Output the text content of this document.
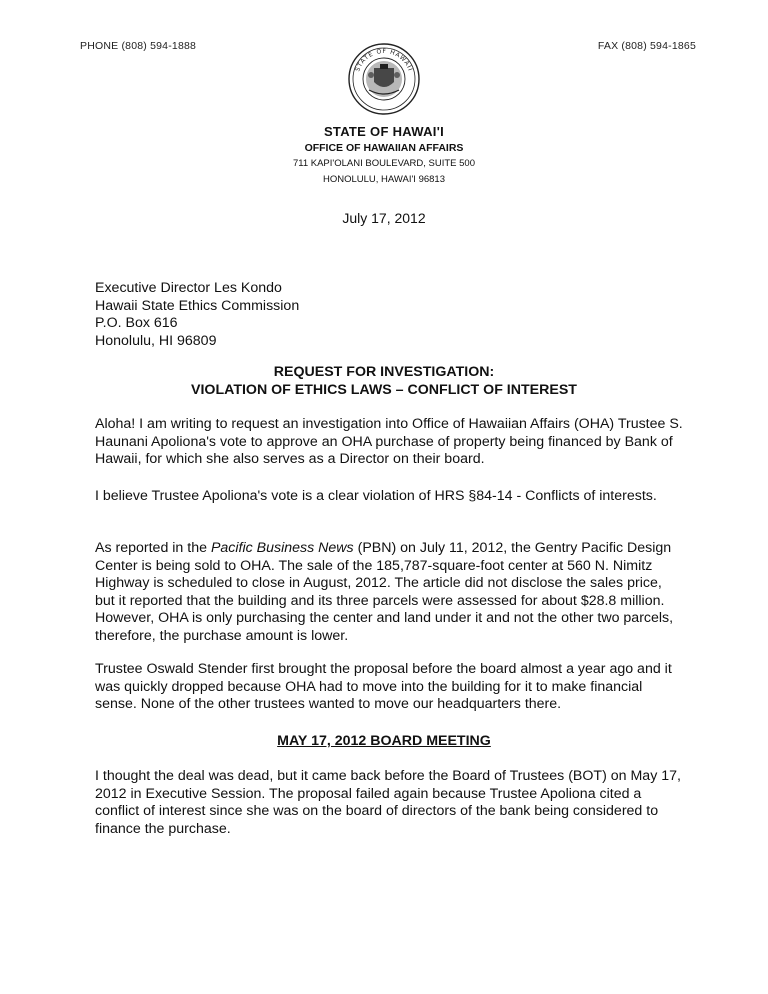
PHONE (808) 594-1888	FAX (808) 594-1865
STATE OF HAWAII
STATE OF HAWAI'I
OFFICE OF HAWAIIAN AFFAIRS
711 KAPI'OLANI BOULEVARD, SUITE 500
HONOLULU, HAWAI'I 96813
July 17, 2012
Executive Director Les Kondo
Hawaii State Ethics Commission
P.O. Box 616
Honolulu, HI 96809
REQUEST FOR INVESTIGATION:
VIOLATION OF ETHICS LAWS – CONFLICT OF INTEREST
Aloha! I am writing to request an investigation into Office of Hawaiian Affairs (OHA) Trustee S. Haunani Apoliona's vote to approve an OHA purchase of property being financed by Bank of Hawaii, for which she also serves as a Director on their board.
I believe Trustee Apoliona's vote is a clear violation of HRS §84-14 - Conflicts of interests.
As reported in the Pacific Business News (PBN) on July 11, 2012, the Gentry Pacific Design Center is being sold to OHA. The sale of the 185,787-square-foot center at 560 N. Nimitz Highway is scheduled to close in August, 2012. The article did not disclose the sales price, but it reported that the building and its three parcels were assessed for about $28.8 million. However, OHA is only purchasing the center and land under it and not the other two parcels, therefore, the purchase amount is lower.
Trustee Oswald Stender first brought the proposal before the board almost a year ago and it was quickly dropped because OHA had to move into the building for it to make financial sense. None of the other trustees wanted to move our headquarters there.
MAY 17, 2012 BOARD MEETING
I thought the deal was dead, but it came back before the Board of Trustees (BOT) on May 17, 2012 in Executive Session. The proposal failed again because Trustee Apoliona cited a conflict of interest since she was on the board of directors of the bank being considered to finance the purchase.
